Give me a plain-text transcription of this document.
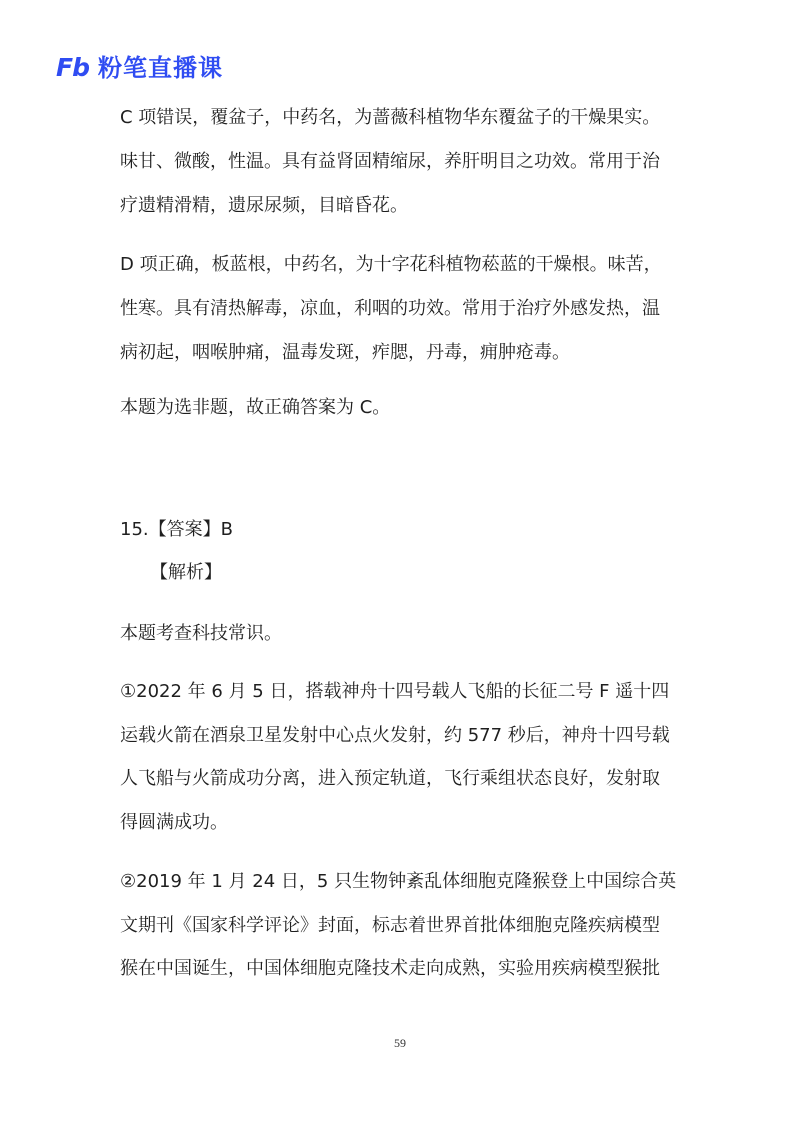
Fb 粉笔直播课
C 项错误，覆盆子，中药名，为蔷薇科植物华东覆盆子的干燥果实。
味甘、微酸，性温。具有益肾固精缩尿，养肝明目之功效。常用于治
疗遗精滑精，遗尿尿频，目暗昏花。
D 项正确，板蓝根，中药名，为十字花科植物菘蓝的干燥根。味苦，
性寒。具有清热解毒，凉血，利咽的功效。常用于治疗外感发热，温
病初起，咽喉肿痛，温毒发斑，痄腮，丹毒，痈肿疮毒。
本题为选非题，故正确答案为 C。
15.【答案】B
【解析】
本题考查科技常识。
①2022 年 6 月 5 日，搭载神舟十四号载人飞船的长征二号 F 遥十四
运载火箭在酒泉卫星发射中心点火发射，约 577 秒后，神舟十四号载
人飞船与火箭成功分离，进入预定轨道，飞行乘组状态良好，发射取
得圆满成功。
②2019 年 1 月 24 日，5 只生物钟紊乱体细胞克隆猴登上中国综合英
文期刊《国家科学评论》封面，标志着世界首批体细胞克隆疾病模型
猴在中国诞生，中国体细胞克隆技术走向成熟，实验用疾病模型猴批
59
